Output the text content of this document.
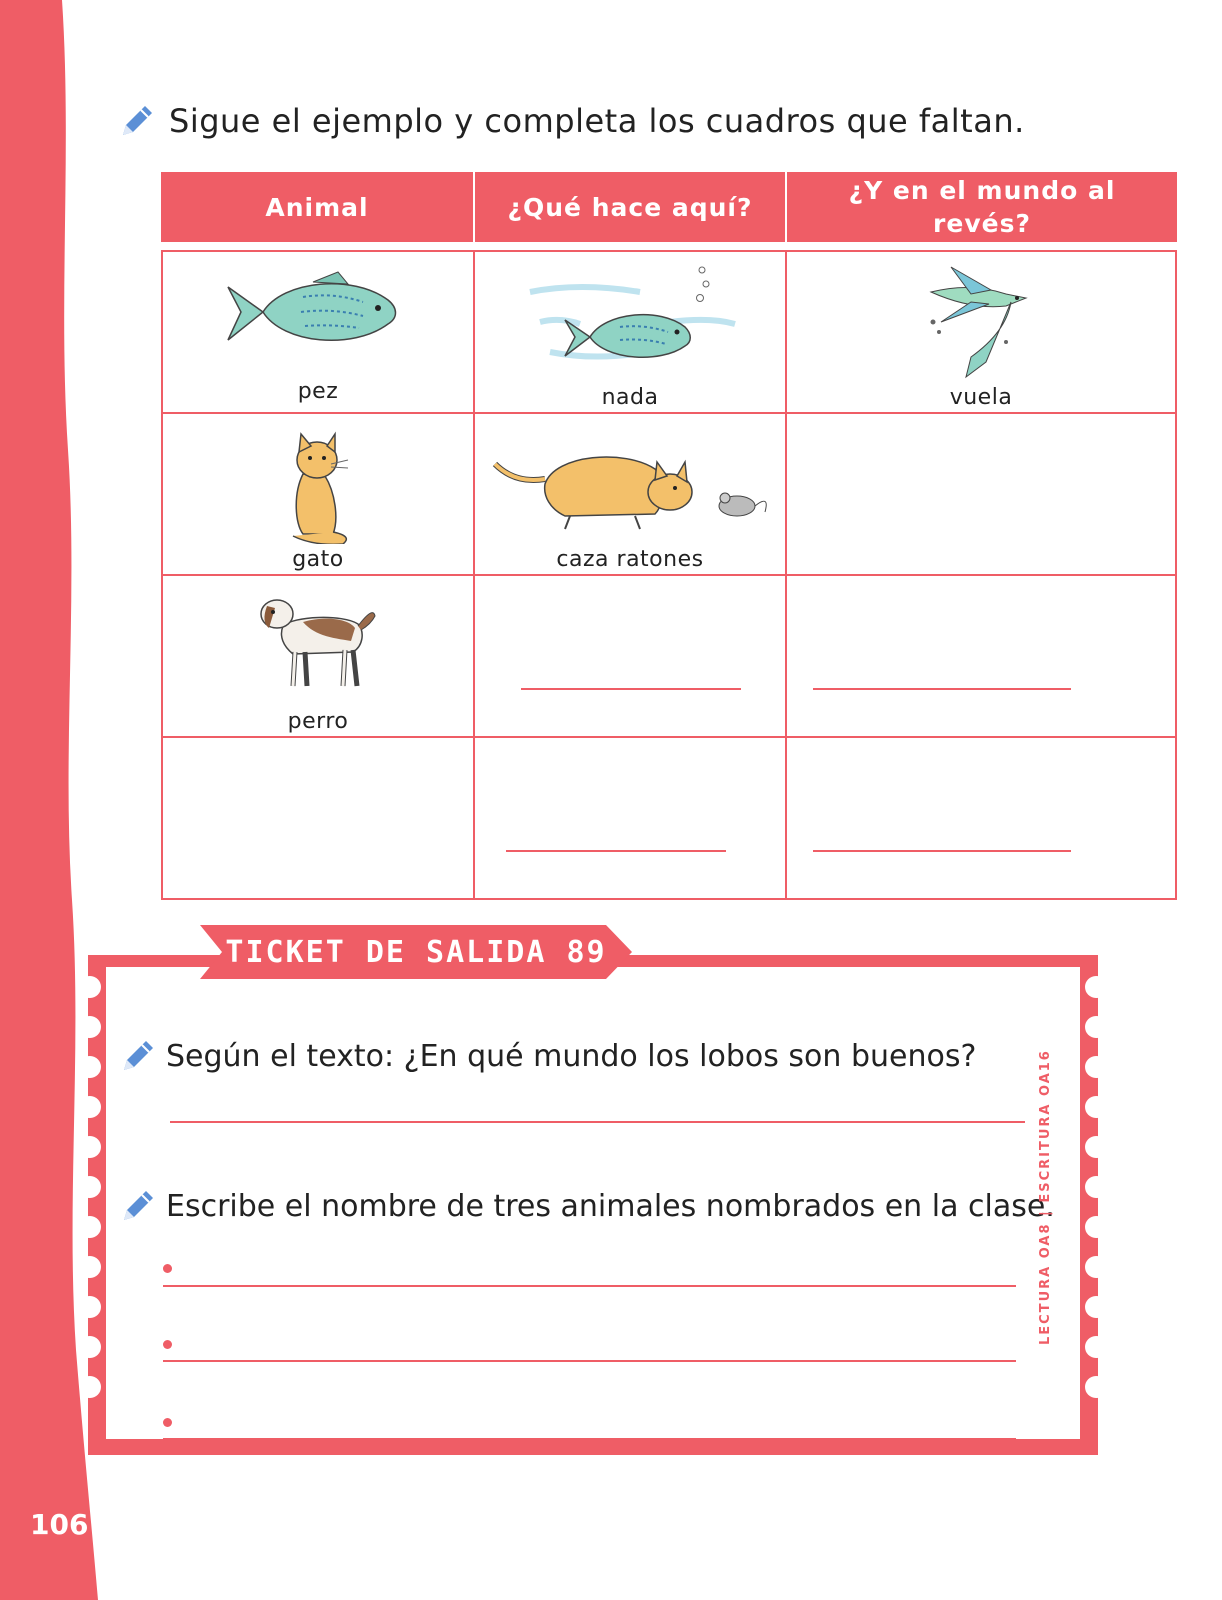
106
Sigue el ejemplo y completa los cuadros que faltan.
Animal	¿Qué hace aquí?	¿Y en el mundo al revés?

pez	nada	vuela

gato	caza ratones	

perro		

TICKET DE SALIDA 89
Según el texto: ¿En qué mundo los lobos son buenos?
Escribe el nombre de tres animales nombrados en la clase.
LECTURA OA8 | ESCRITURA OA16
